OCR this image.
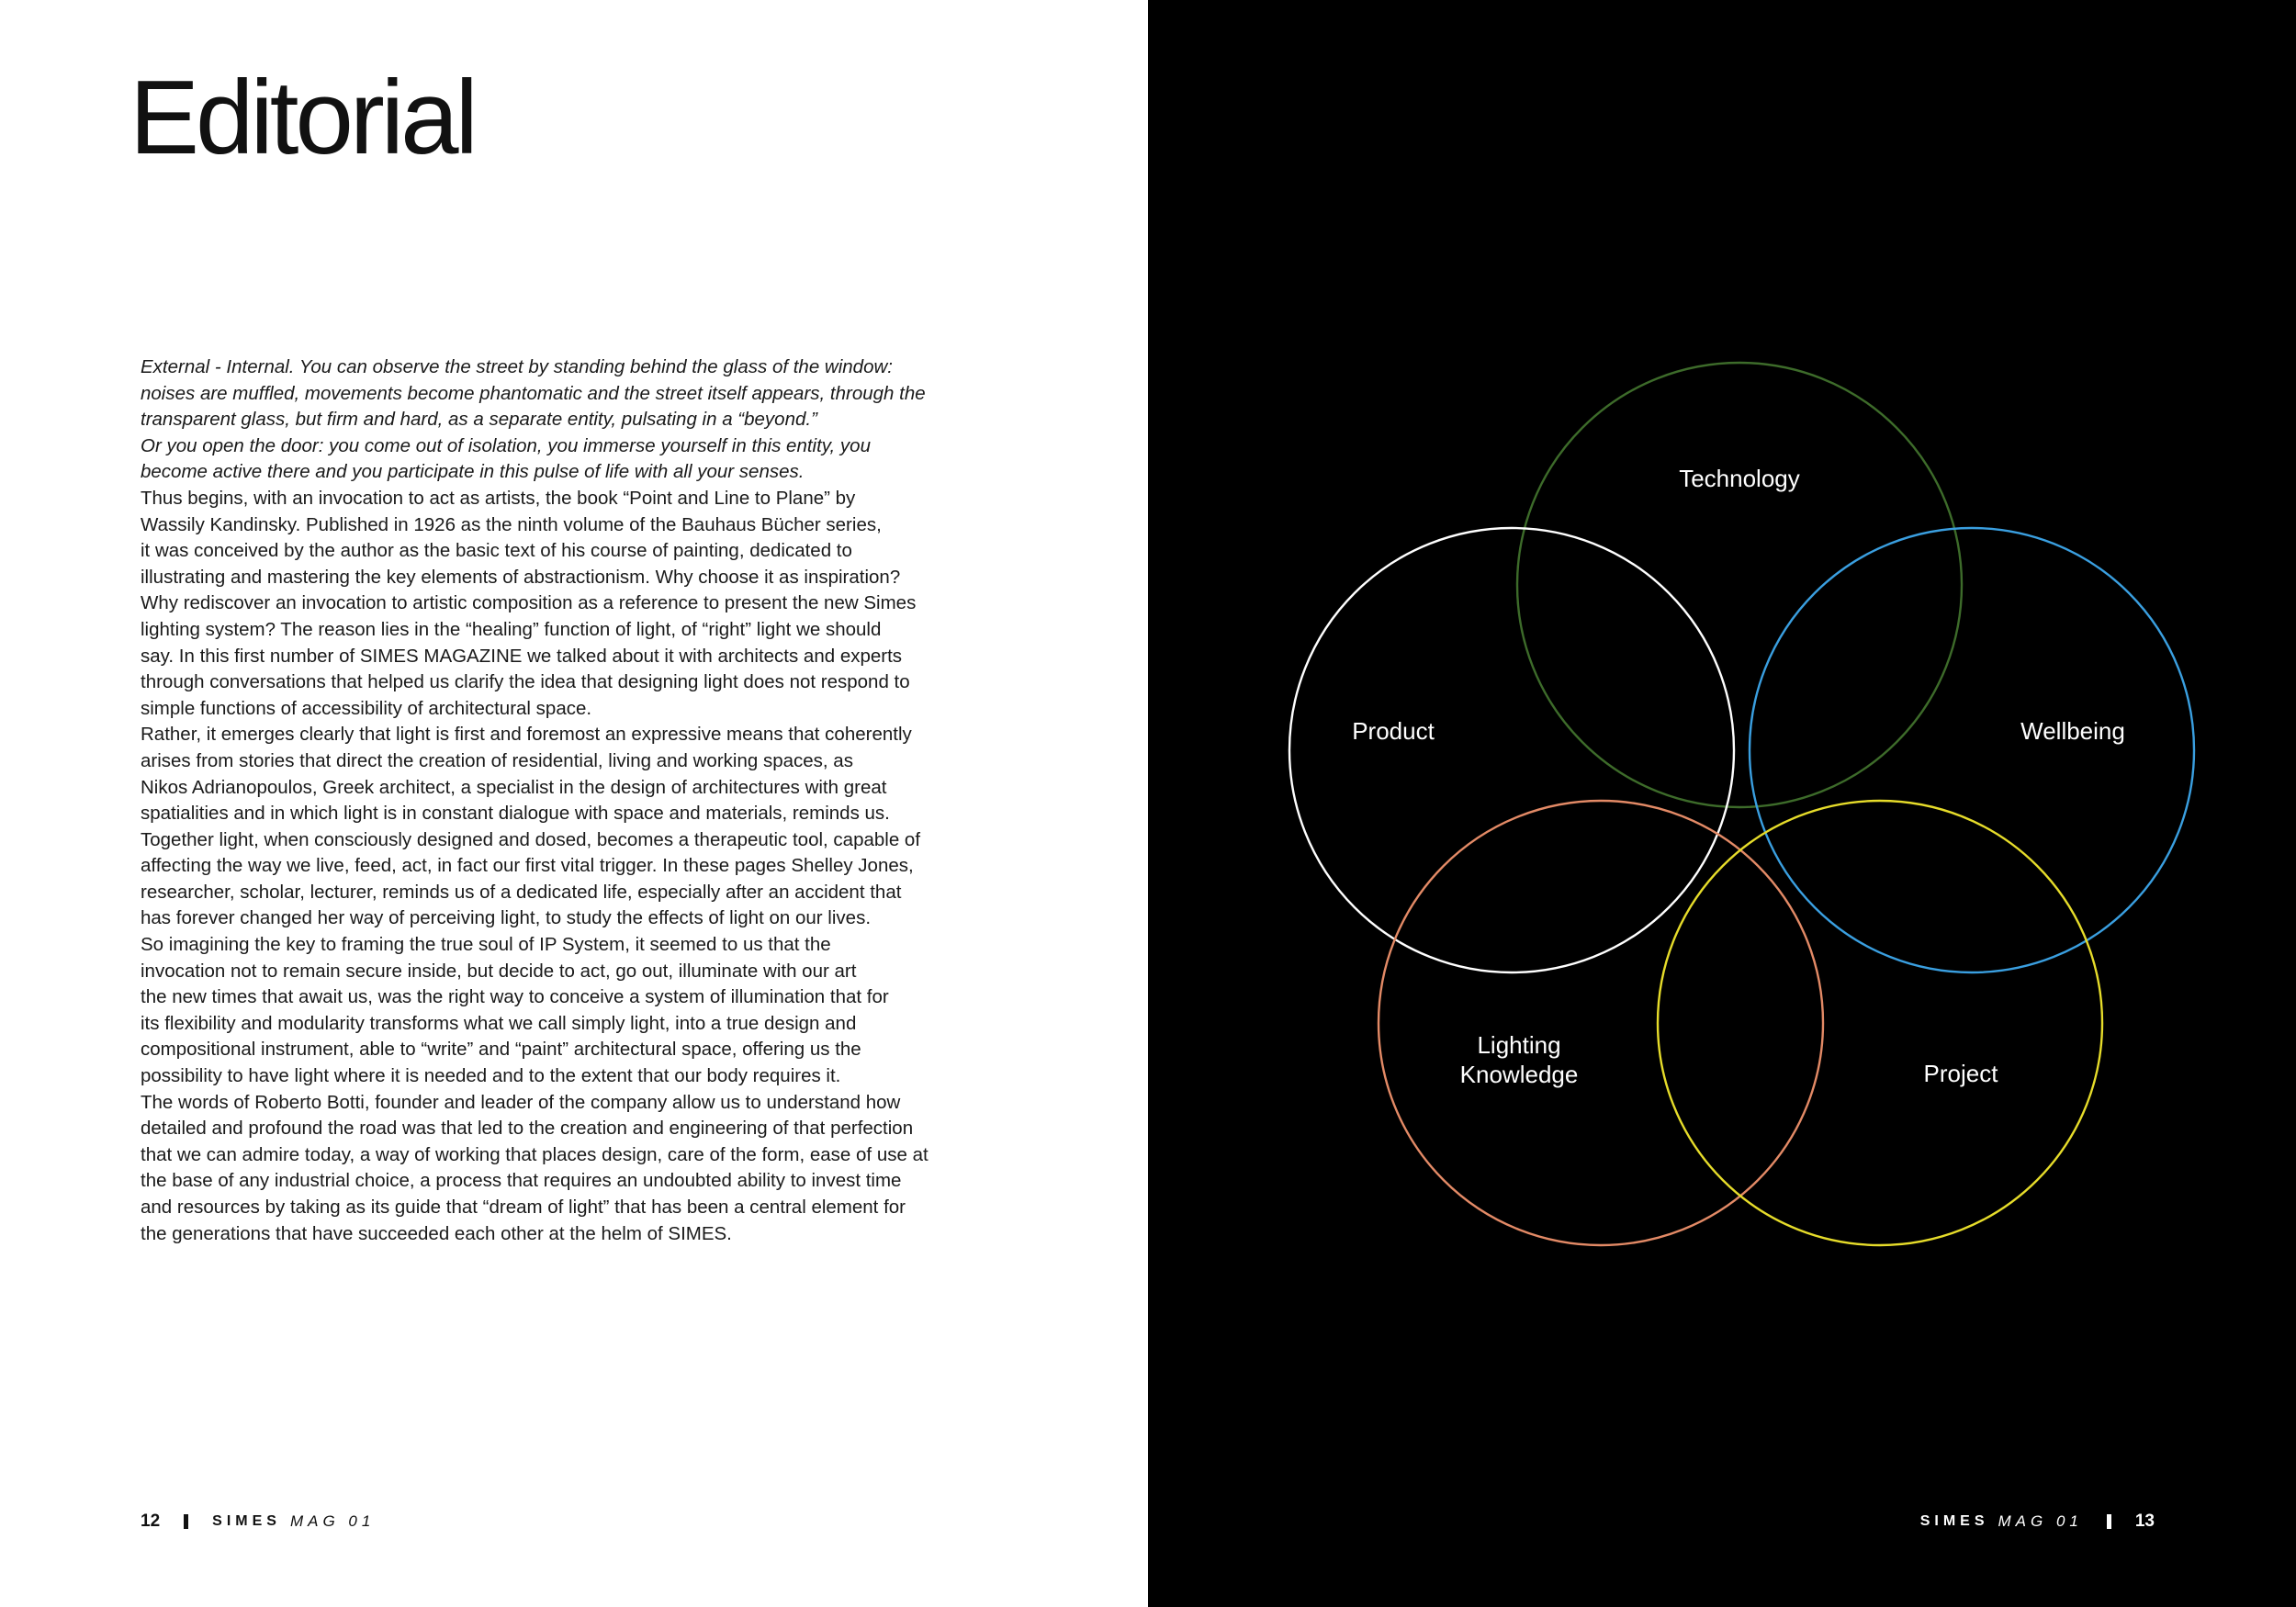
Editorial
External - Internal. You can observe the street by standing behind the glass of the window:
noises are muffled, movements become phantomatic and the street itself appears, through the
transparent glass, but firm and hard, as a separate entity, pulsating in a “beyond.”
Or you open the door: you come out of isolation, you immerse yourself in this entity, you
become active there and you participate in this pulse of life with all your senses.
Thus begins, with an invocation to act as artists, the book “Point and Line to Plane” by
Wassily Kandinsky. Published in 1926 as the ninth volume of the Bauhaus Bücher series,
it was conceived by the author as the basic text of his course of painting, dedicated to
illustrating and mastering the key elements of abstractionism. Why choose it as inspiration?
Why rediscover an invocation to artistic composition as a reference to present the new Simes
lighting system? The reason lies in the “healing” function of light, of “right” light we should
say. In this first number of SIMES MAGAZINE we talked about it with architects and experts
through conversations that helped us clarify the idea that designing light does not respond to
simple functions of accessibility of architectural space.
Rather, it emerges clearly that light is first and foremost an expressive means that coherently
arises from stories that direct the creation of residential, living and working spaces, as
Nikos Adrianopoulos, Greek architect, a specialist in the design of architectures with great
spatialities and in which light is in constant dialogue with space and materials, reminds us.
Together light, when consciously designed and dosed, becomes a therapeutic tool, capable of
affecting the way we live, feed, act, in fact our first vital trigger. In these pages Shelley Jones,
researcher, scholar, lecturer, reminds us of a dedicated life, especially after an accident that
has forever changed her way of perceiving light, to study the effects of light on our lives.
So imagining the key to framing the true soul of IP System, it seemed to us that the
invocation not to remain secure inside, but decide to act, go out, illuminate with our art
the new times that await us, was the right way to conceive a system of illumination that for
its flexibility and modularity transforms what we call simply light, into a true design and
compositional instrument, able to “write” and “paint” architectural space, offering us the
possibility to have light where it is needed and to the extent that our body requires it.
The words of Roberto Botti, founder and leader of the company allow us to understand how
detailed and profound the road was that led to the creation and engineering of that perfection
that we can admire today, a way of working that places design, care of the form, ease of use at
the base of any industrial choice, a process that requires an undoubted ability to invest time
and resources by taking as its guide that “dream of light” that has been a central element for
the generations that have succeeded each other at the helm of SIMES.
12	SIMES MAG 01
Technology
Product	Wellbeing
Lighting Knowledge	Project
SIMES MAG 01	13
